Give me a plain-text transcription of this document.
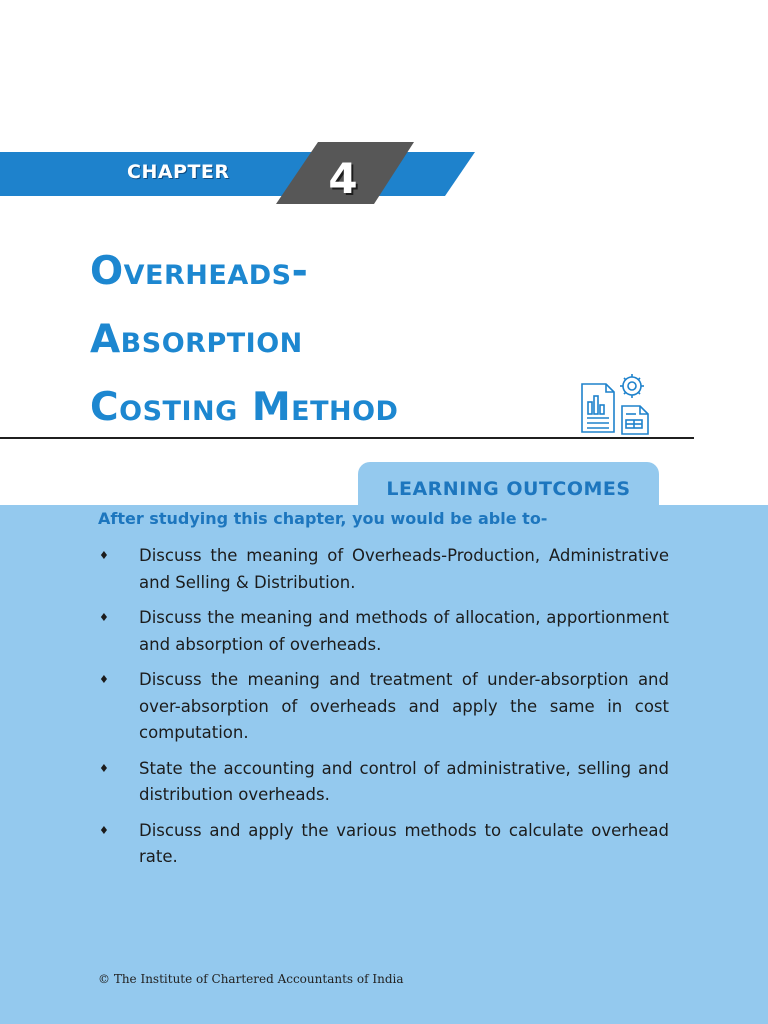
CHAPTER 4
Overheads-
Absorption
Costing Method
LEARNING OUTCOMES
After studying this chapter, you would be able to-
♦ Discuss the meaning of Overheads-Production, Administrative and Selling & Distribution.
♦ Discuss the meaning and methods of allocation, apportionment and absorption of overheads.
♦ Discuss the meaning and treatment of under-absorption and over-absorption of overheads and apply the same in cost computation.
♦ State the accounting and control of administrative, selling and distribution overheads.
♦ Discuss and apply the various methods to calculate overhead rate.
© The Institute of Chartered Accountants of India
